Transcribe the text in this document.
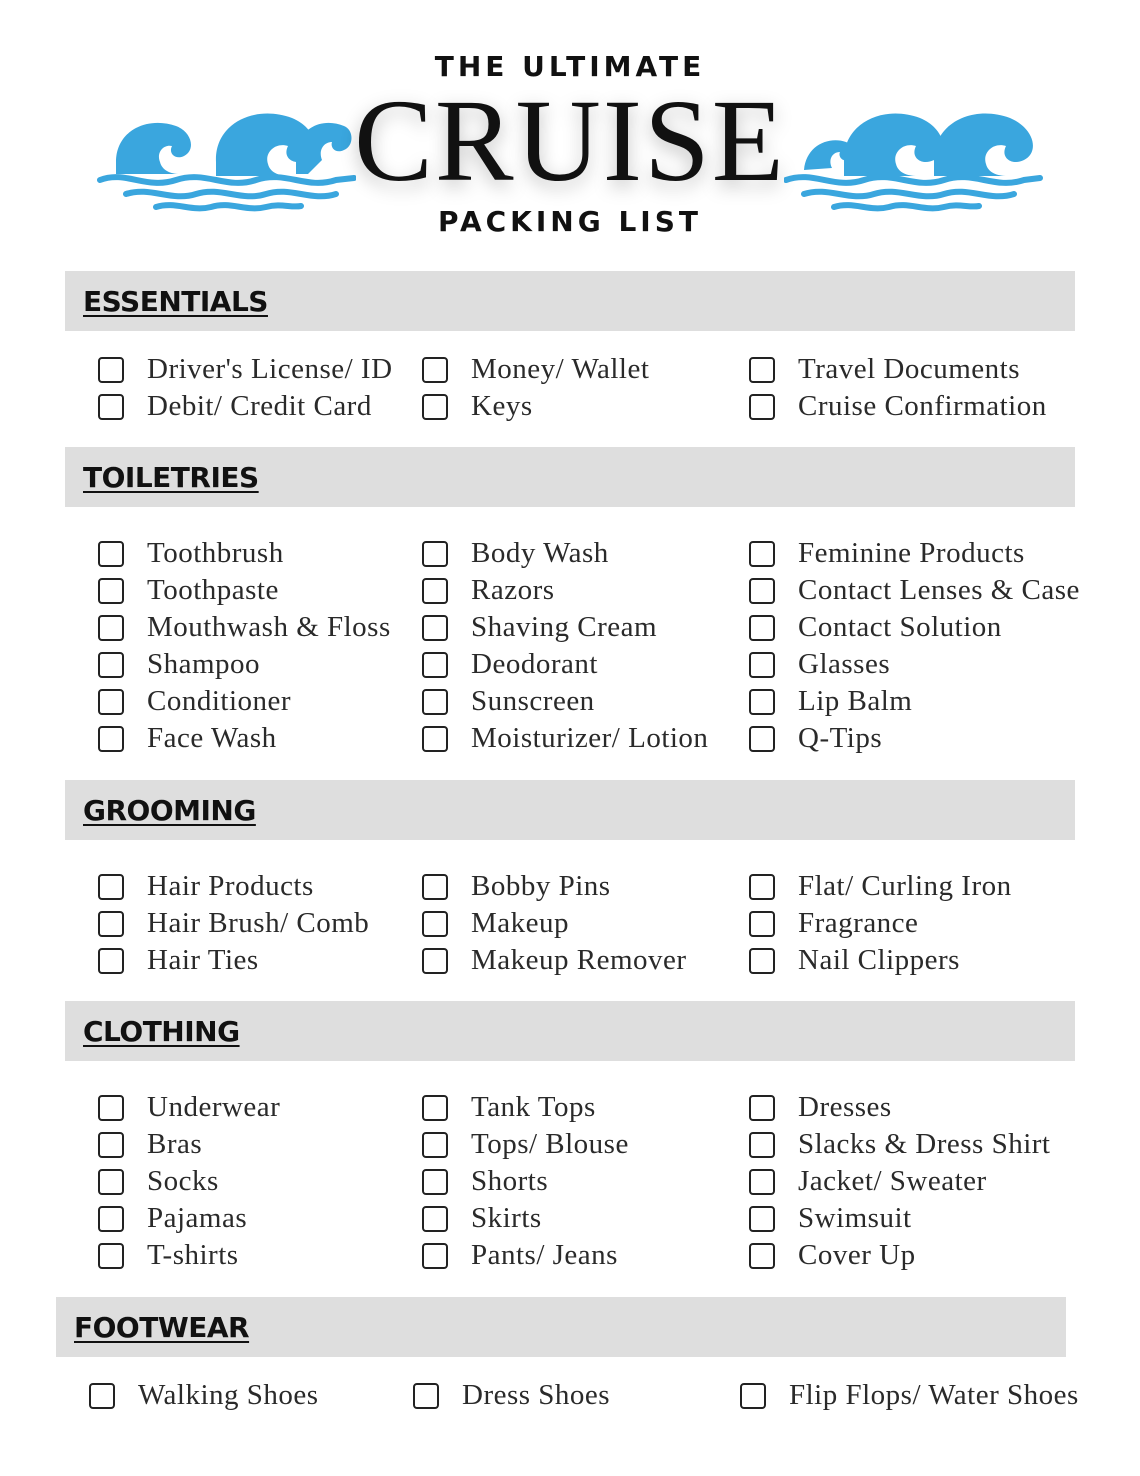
THE ULTIMATE
CRUISE
PACKING LIST
ESSENTIALS
Driver's License/ ID
Debit/ Credit Card
Money/ Wallet
Keys
Travel Documents
Cruise Confirmation
TOILETRIES
Toothbrush
Toothpaste
Mouthwash & Floss
Shampoo
Conditioner
Face Wash
Body Wash
Razors
Shaving Cream
Deodorant
Sunscreen
Moisturizer/ Lotion
Feminine Products
Contact Lenses & Case
Contact Solution
Glasses
Lip Balm
Q-Tips
GROOMING
Hair Products
Hair Brush/ Comb
Hair Ties
Bobby Pins
Makeup
Makeup Remover
Flat/ Curling Iron
Fragrance
Nail Clippers
CLOTHING
Underwear
Bras
Socks
Pajamas
T-shirts
Tank Tops
Tops/ Blouse
Shorts
Skirts
Pants/ Jeans
Dresses
Slacks & Dress Shirt
Jacket/ Sweater
Swimsuit
Cover Up
FOOTWEAR
Walking Shoes	Dress Shoes	Flip Flops/ Water Shoes
